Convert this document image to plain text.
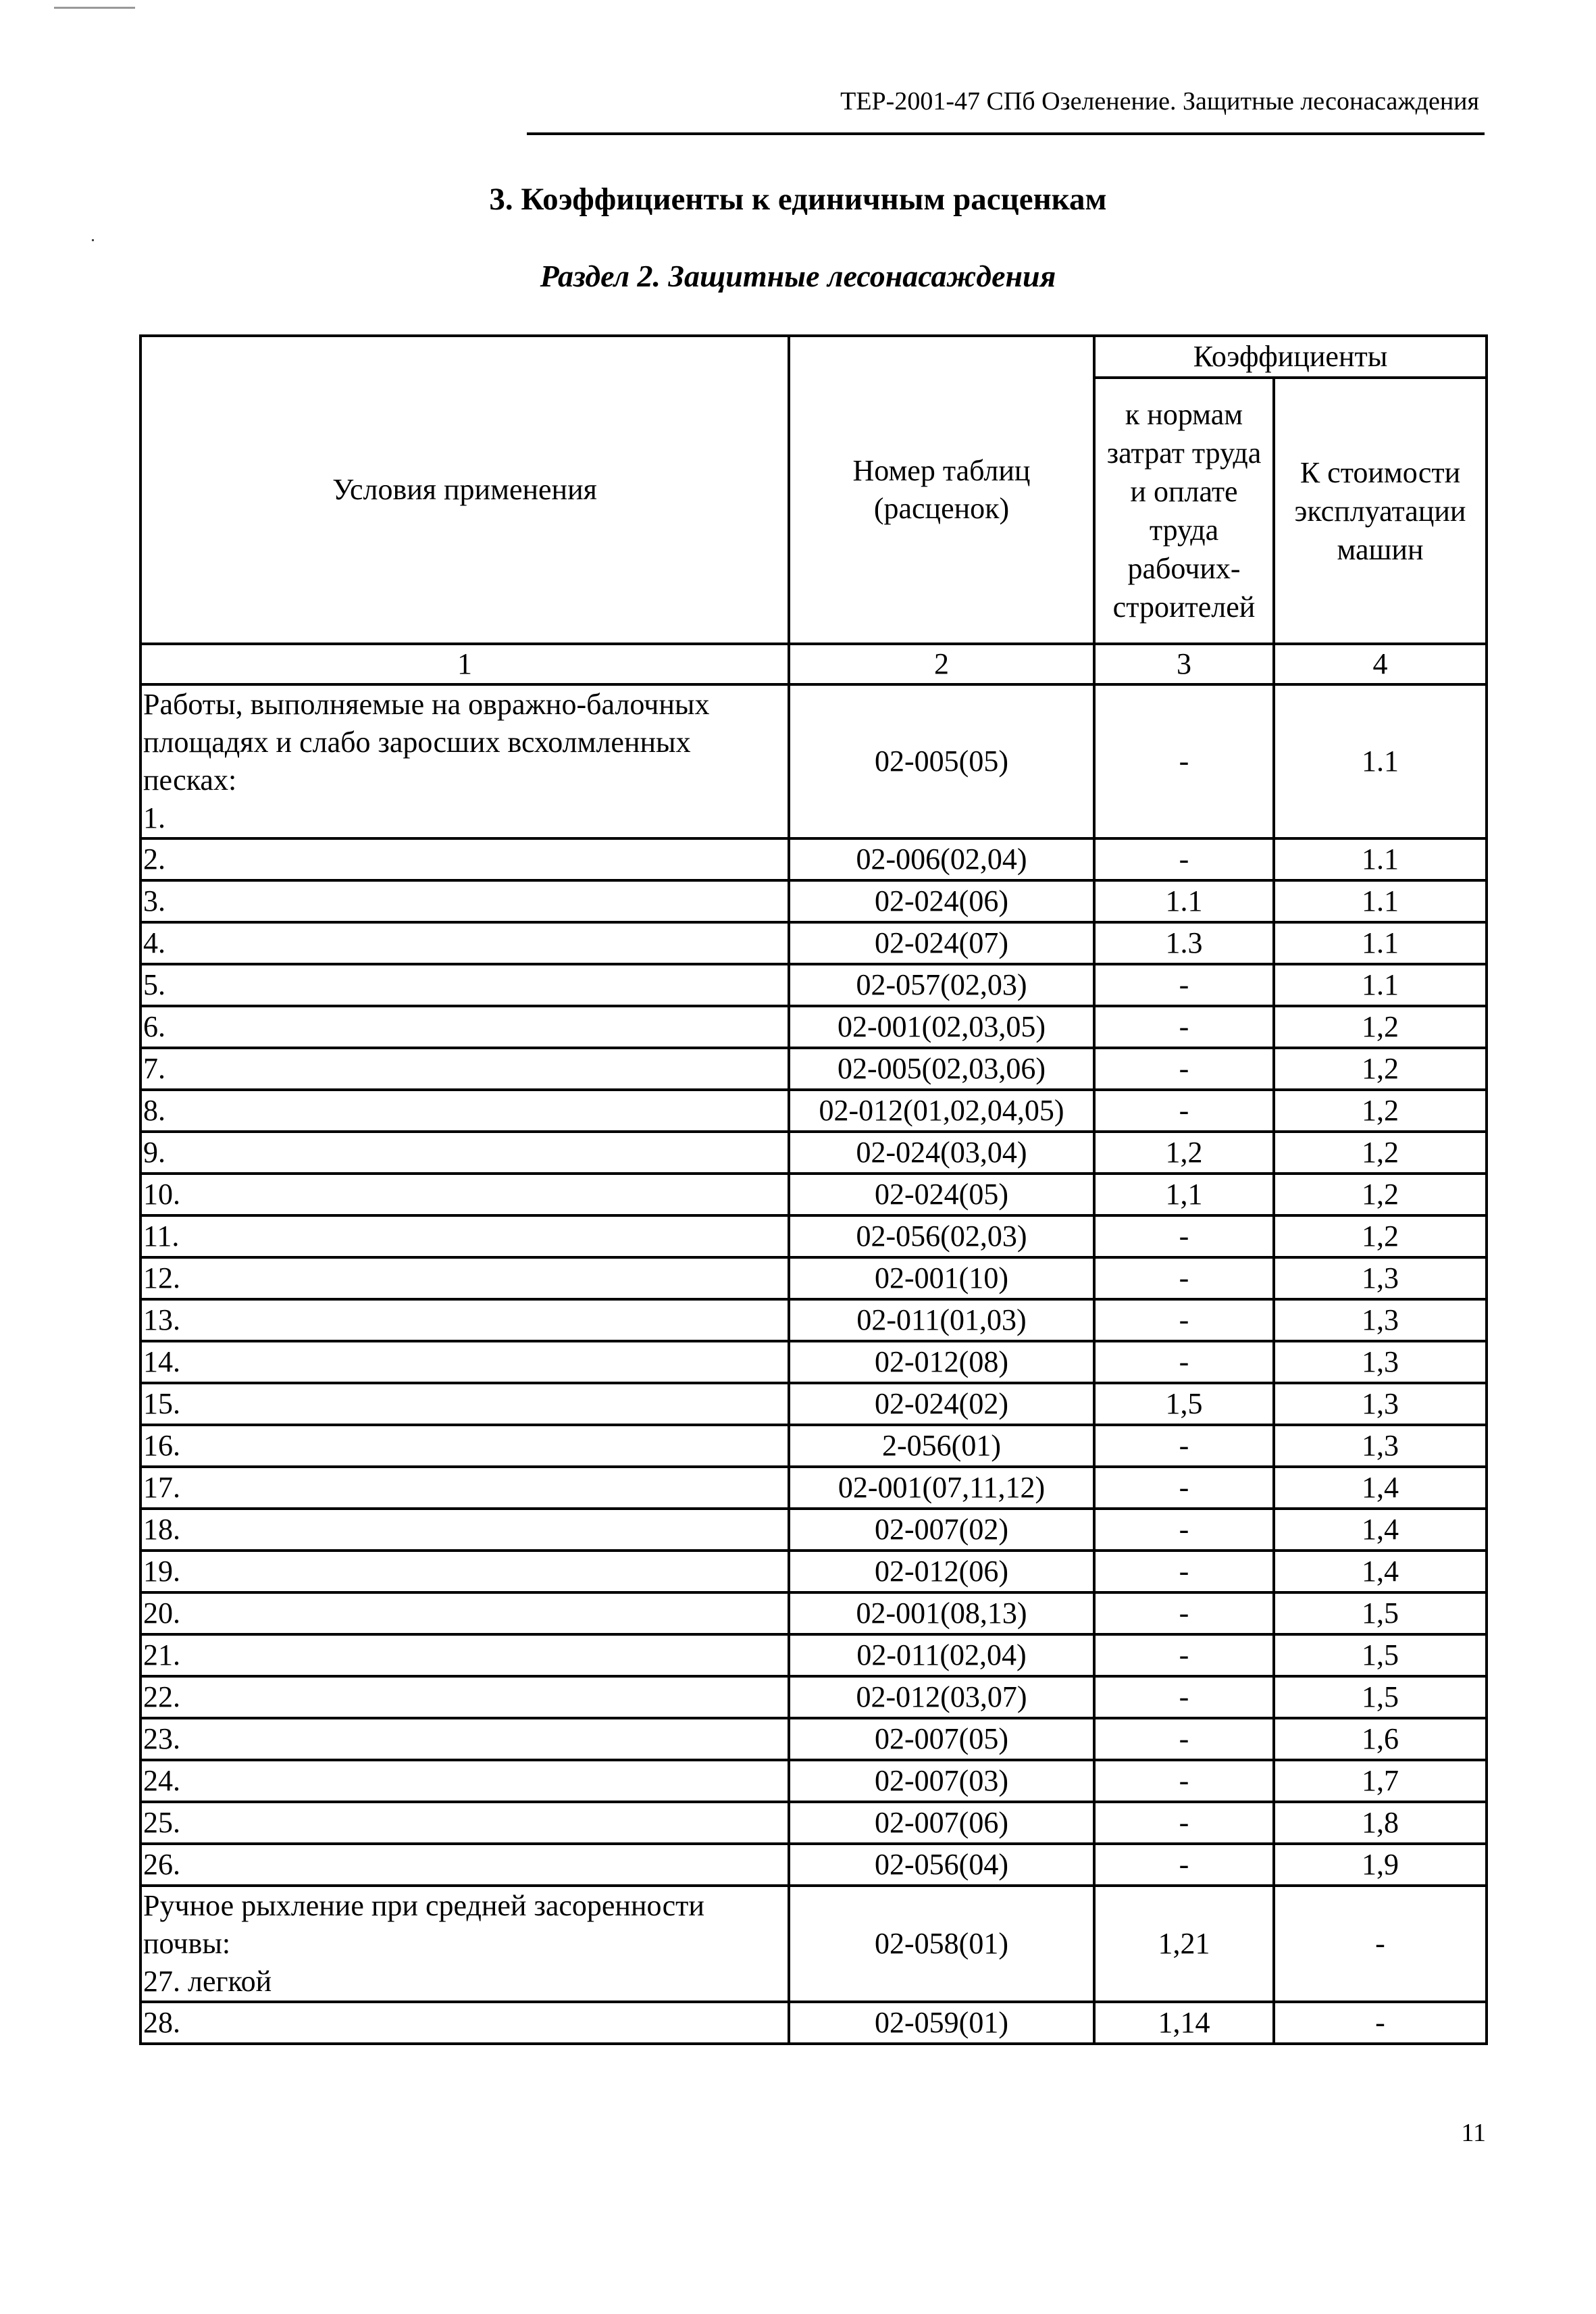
ТЕР-2001-47 СПб Озеленение. Защитные лесонасаждения
3. Коэффициенты к единичным расценкам
Раздел 2. Защитные лесонасаждения
Условия применения	Номер таблиц (расценок)	Коэффициенты	
		к нормам затрат труда и оплате труда рабочих-строителей	К стоимости эксплуатации машин
1	2	3	4
Работы, выполняемые на овражно-балочных площадях и слабо заросших всхолмленных песках:
1.	02-005(05)	-	1.1
2.	02-006(02,04)	-	1.1
3.	02-024(06)	1.1	1.1
4.	02-024(07)	1.3	1.1
5.	02-057(02,03)	-	1.1
6.	02-001(02,03,05)	-	1,2
7.	02-005(02,03,06)	-	1,2
8.	02-012(01,02,04,05)	-	1,2
9.	02-024(03,04)	1,2	1,2
10.	02-024(05)	1,1	1,2
11.	02-056(02,03)	-	1,2
12.	02-001(10)	-	1,3
13.	02-011(01,03)	-	1,3
14.	02-012(08)	-	1,3
15.	02-024(02)	1,5	1,3
16.	2-056(01)	-	1,3
17.	02-001(07,11,12)	-	1,4
18.	02-007(02)	-	1,4
19.	02-012(06)	-	1,4
20.	02-001(08,13)	-	1,5
21.	02-011(02,04)	-	1,5
22.	02-012(03,07)	-	1,5
23.	02-007(05)	-	1,6
24.	02-007(03)	-	1,7
25.	02-007(06)	-	1,8
26.	02-056(04)	-	1,9
Ручное рыхление при средней засоренности почвы:
27. легкой	02-058(01)	1,21	-
28.	02-059(01)	1,14	-
11
